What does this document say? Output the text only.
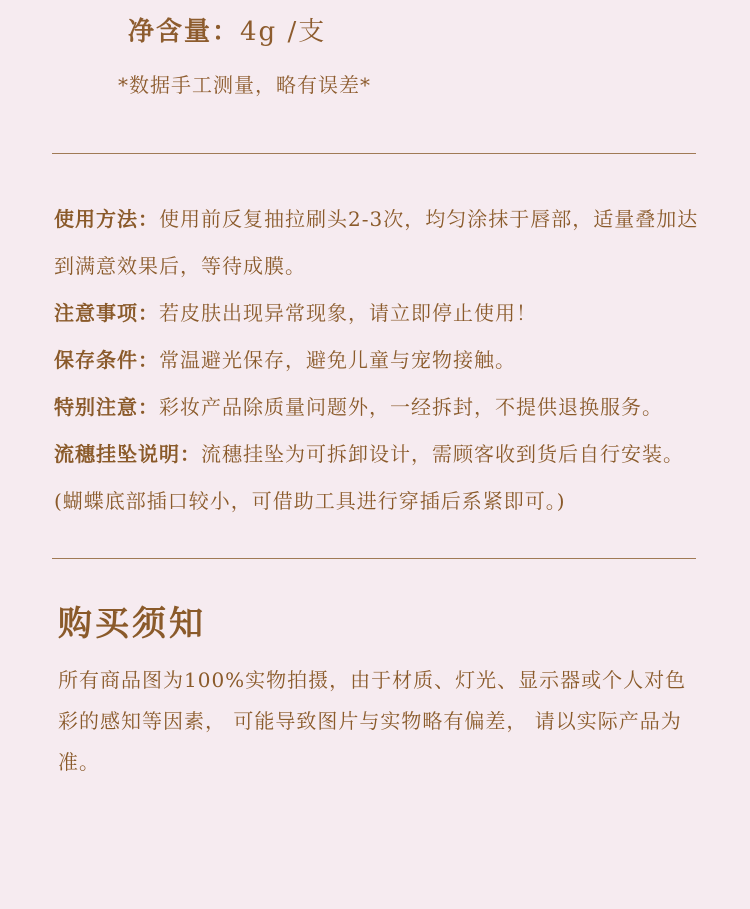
净含量：4g /支

*数据手工测量，略有误差*

使用方法：使用前反复抽拉刷头2-3次，均匀涂抹于唇部，适量叠加达到满意效果后，等待成膜。
注意事项：若皮肤出现异常现象，请立即停止使用！
保存条件：常温避光保存，避免儿童与宠物接触。
特别注意：彩妆产品除质量问题外，一经拆封，不提供退换服务。
流穗挂坠说明：流穗挂坠为可拆卸设计，需顾客收到货后自行安装。(蝴蝶底部插口较小，可借助工具进行穿插后系紧即可。)
购买须知

所有商品图为100%实物拍摄，由于材质、灯光、显示器或个人对色彩的感知等因素， 可能导致图片与实物略有偏差， 请以实际产品为准。
